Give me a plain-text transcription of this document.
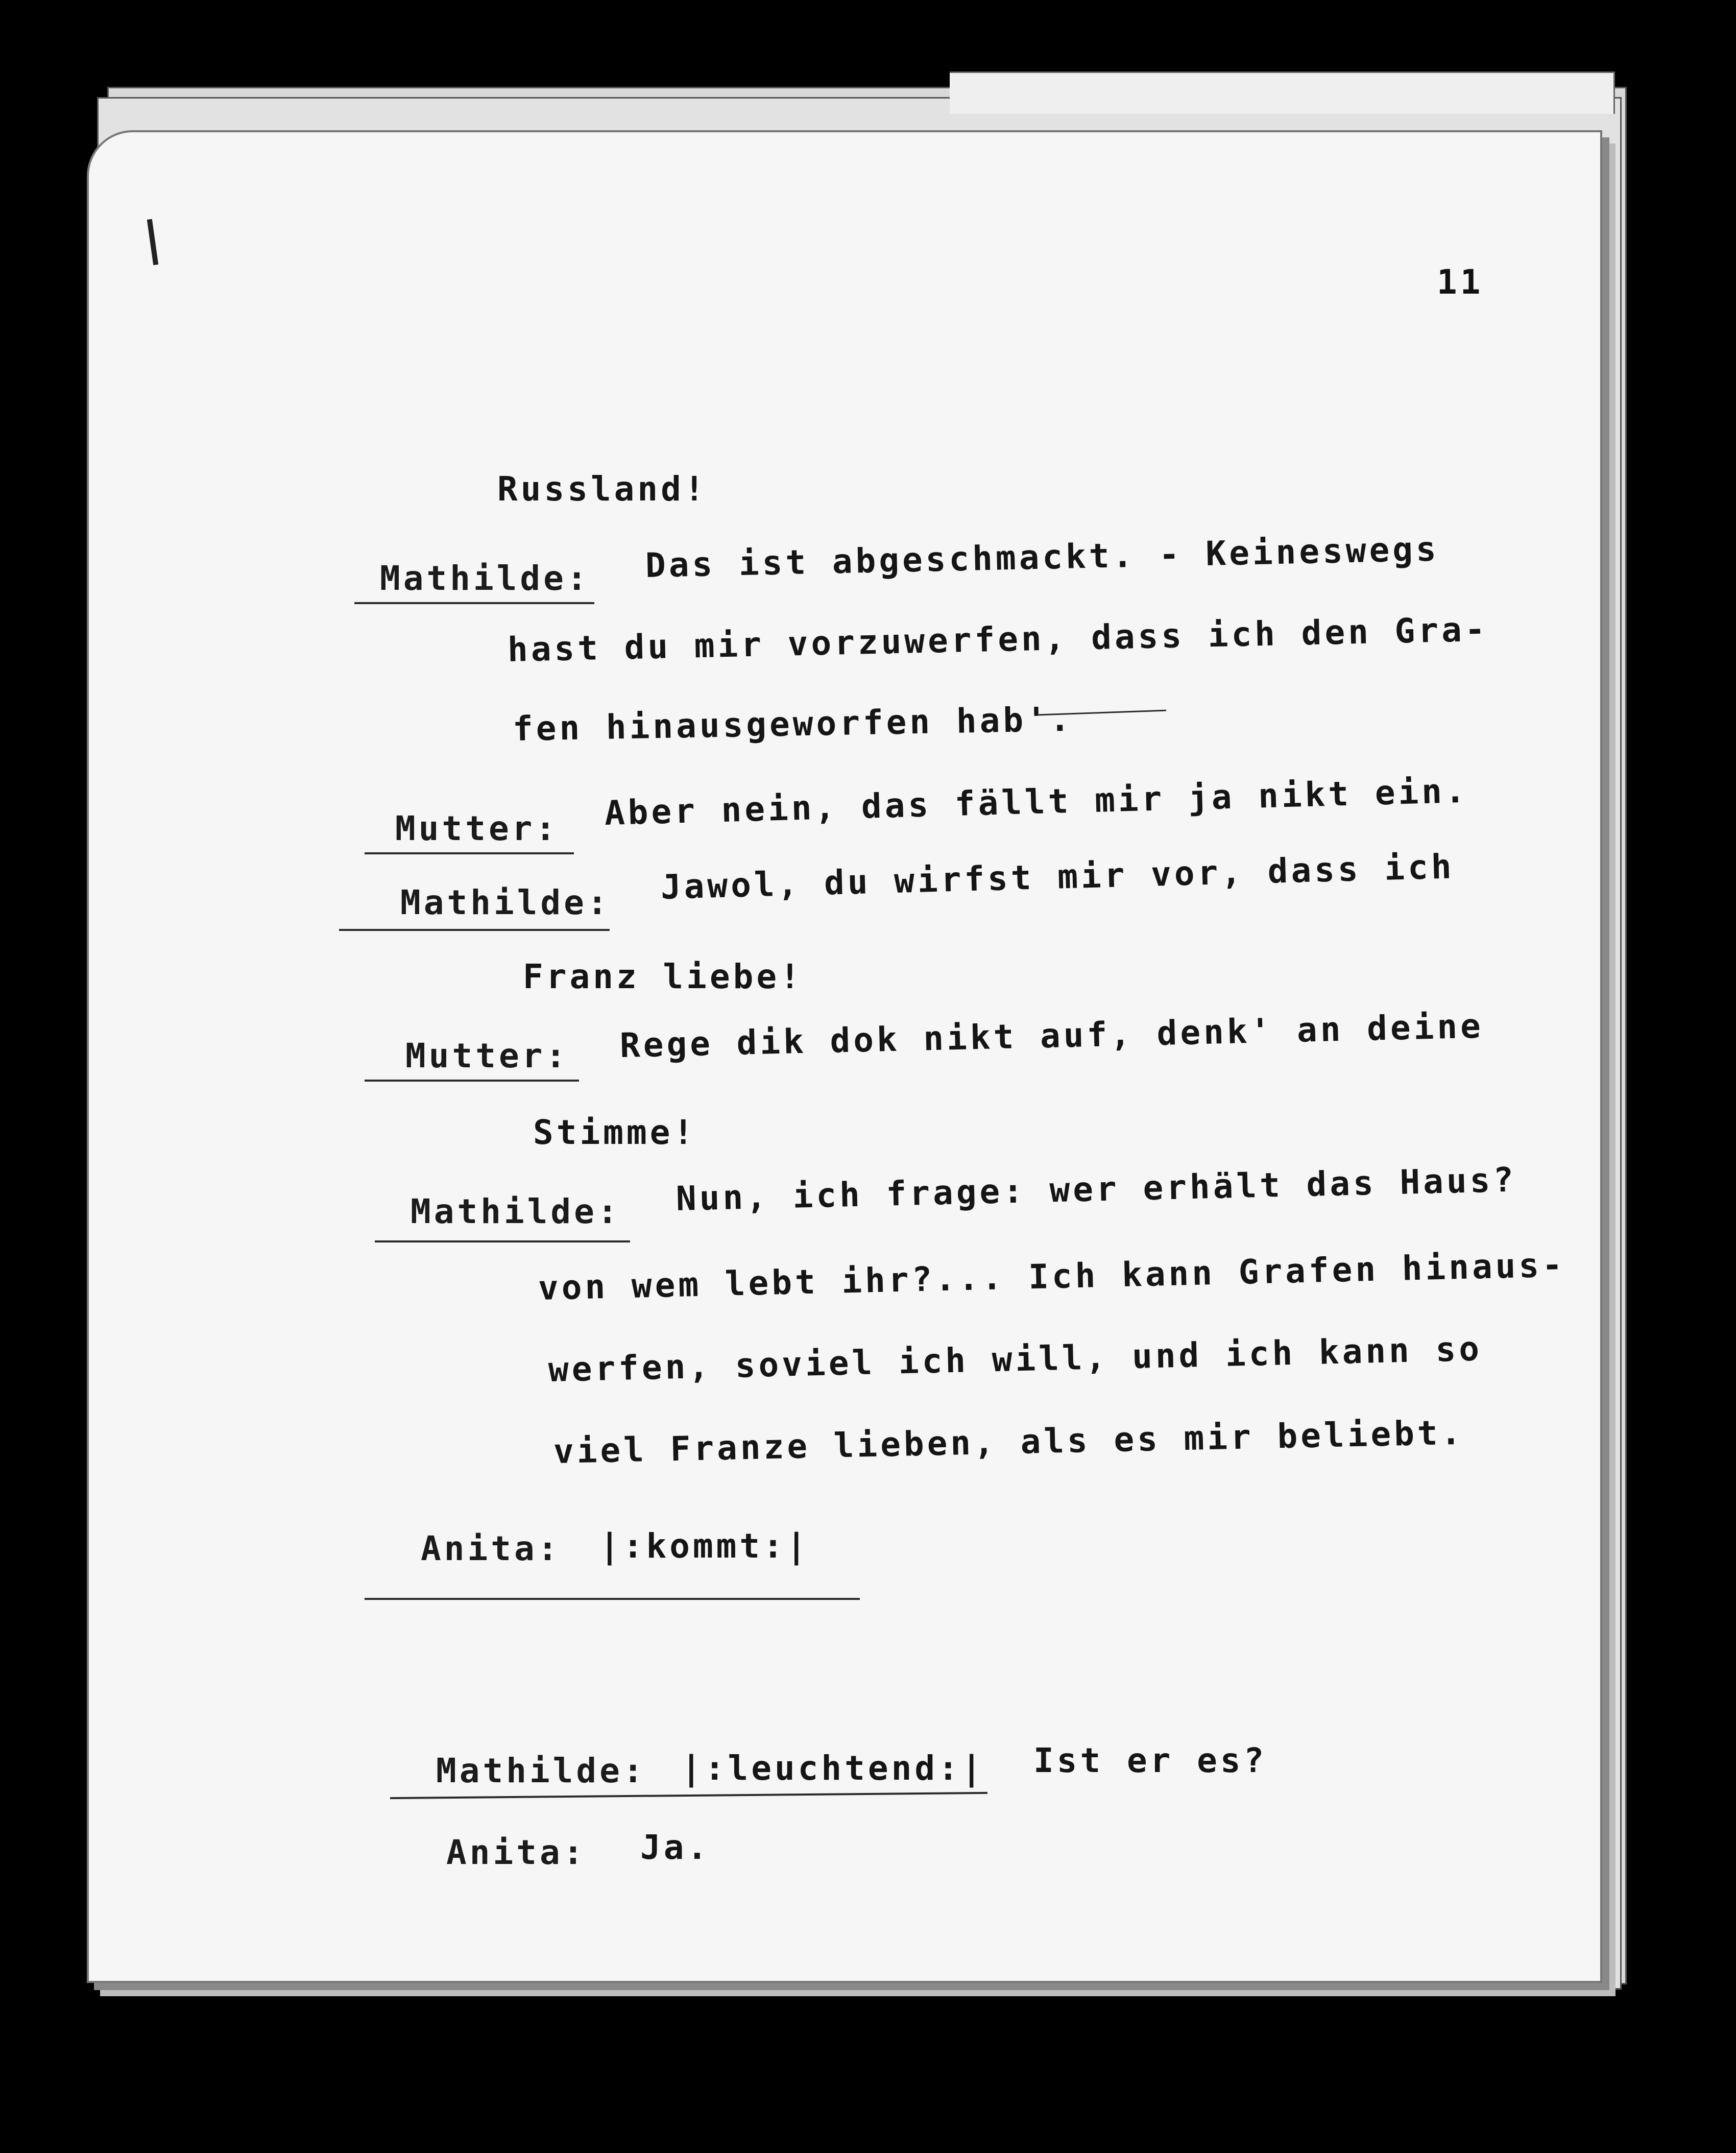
11
Russland!
Mathilde: Das ist abgeschmackt. - Keineswegs
hast du mir vorzuwerfen, dass ich den Gra-
fen hinausgeworfen hab'.
Mutter: Aber nein, das fällt mir ja nikt ein.
Mathilde: Jawol, du wirfst mir vor, dass ich
Franz liebe!
Mutter: Rege dik dok nikt auf, denk' an deine
Stimme!
Mathilde: Nun, ich frage: wer erhält das Haus?
von wem lebt ihr?... Ich kann Grafen hinaus-
werfen, soviel ich will, und ich kann so
viel Franze lieben, als es mir beliebt.
Anita: |:kommt:|
Mathilde: |:leuchtend:| Ist er es?
Anita: Ja.
